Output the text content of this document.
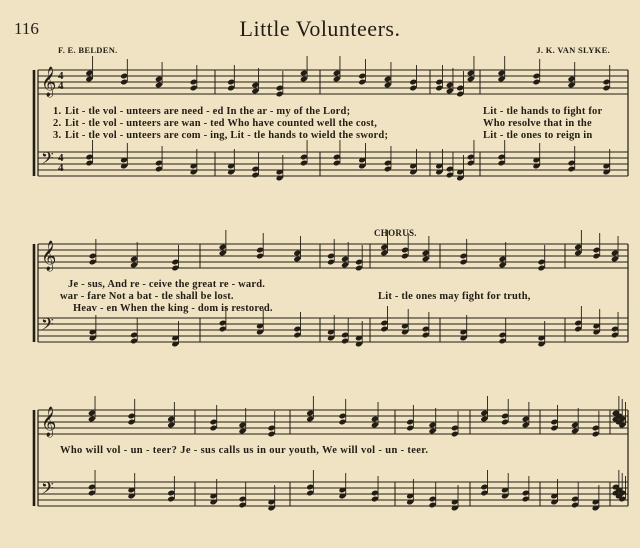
116	Little Volunteers.
F. E. BELDEN.	J. K. VAN SLYKE.
CHORUS.
𝄞
𝄢
𝄞
𝄢
𝄞
𝄢
4
4
4
4
1. Lit - tle vol - unteers are need - ed In the ar - my of the Lord;	Lit - tle hands to fight for
2. Lit - tle vol - unteers are wan - ted Who have counted well the cost,	Who resolve that in the
3. Lit - tle vol - unteers are com - ing, Lit - tle hands to wield the sword;	Lit - tle ones to reign in
Je - sus, And re - ceive the great re - ward.
war - fare Not a bat - tle shall be lost.
Heav - en When the king - dom is restored.
Lit - tle ones may fight for truth,
Who will vol - un - teer? Je - sus calls us in our youth, We will vol - un - teer.
